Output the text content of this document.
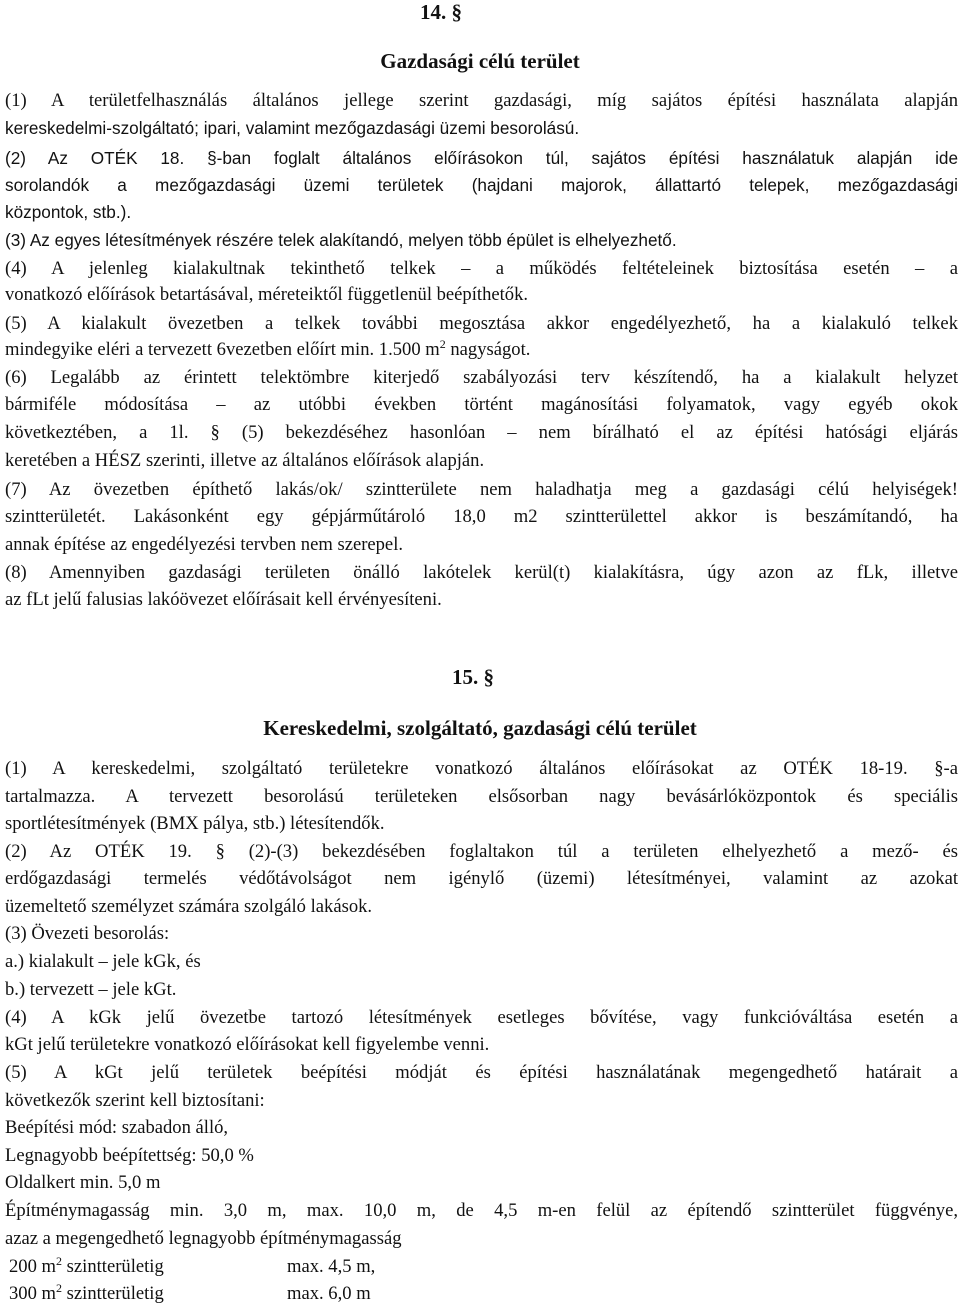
14. §
Gazdasági célú terület
(1) A területfelhasználás általános jellege szerint gazdasági, míg sajátos építési használata alapján
kereskedelmi-szolgáltató; ipari, valamint mezőgazdasági üzemi besorolású.
(2) Az OTÉK 18. §-ban foglalt általános előírásokon túl, sajátos építési használatuk alapján ide
sorolandók a mezőgazdasági üzemi területek (hajdani majorok, állattartó telepek, mezőgazdasági
központok, stb.).
(3) Az egyes létesítmények részére telek alakítandó, melyen több épület is elhelyezhető.
(4) A jelenleg kialakultnak tekinthető telkek – a működés feltételeinek biztosítása esetén – a
vonatkozó előírások betartásával, méreteiktől függetlenül beépíthetők.
(5) A kialakult övezetben a telkek további megosztása akkor engedélyezhető, ha a kialakuló telkek
mindegyike eléri a tervezett 6vezetben előírt min. 1.500 $m^2$ nagyságot.
(6) Legalább az érintett telektömbre kiterjedő szabályozási terv készítendő, ha a kialakult helyzet
bármiféle módosítása – az utóbbi években történt magánosítási folyamatok, vagy egyéb okok
következtében, a 1l. § (5) bekezdéséhez hasonlóan – nem bírálható el az építési hatósági eljárás
keretében a HÉSZ szerinti, illetve az általános előírások alapján.
(7) Az övezetben építhető lakás/ok/ szintterülete nem haladhatja meg a gazdasági célú helyiségek!
szintterületét. Lakásonként egy gépjárműtároló 18,0 m2 szintterülettel akkor is beszámítandó, ha
annak építése az engedélyezési tervben nem szerepel.
(8) Amennyiben gazdasági területen önálló lakótelek kerül(t) kialakításra, úgy azon az fLk, illetve
az fLt jelű falusias lakóövezet előírásait kell érvényesíteni.
15. §
Kereskedelmi, szolgáltató, gazdasági célú terület
(1) A kereskedelmi, szolgáltató területekre vonatkozó általános előírásokat az OTÉK 18-19. §-a
tartalmazza. A tervezett besorolású területeken elsősorban nagy bevásárlóközpontok és speciális
sportlétesítmények (BMX pálya, stb.) létesítendők.
(2) Az OTÉK 19. § (2)-(3) bekezdésében foglaltakon túl a területen elhelyezhető a mező- és
erdőgazdasági termelés védőtávolságot nem igénylő (üzemi) létesítményei, valamint az azokat
üzemeltető személyzet számára szolgáló lakások.
(3) Övezeti besorolás:
a.) kialakult – jele kGk, és
b.) tervezett – jele kGt.
(4) A kGk jelű övezetbe tartozó létesítmények esetleges bővítése, vagy funkcióváltása esetén a
kGt jelű területekre vonatkozó előírásokat kell figyelembe venni.
(5) A kGt jelű területek beépítési módját és építési használatának megengedhető határait a
következők szerint kell biztosítani:
Beépítési mód: szabadon álló,
Legnagyobb beépítettség: 50,0 %
Oldalkert min. 5,0 m
Építménymagasság min. 3,0 m, max. 10,0 m, de 4,5 m-en felül az építendő szintterület függvénye,
azaz a megengedhető legnagyobb építménymagasság
200 $m^2$ szintterületig	max. 4,5 m,
300 $m^2$ szintterületig	max. 6,0 m
